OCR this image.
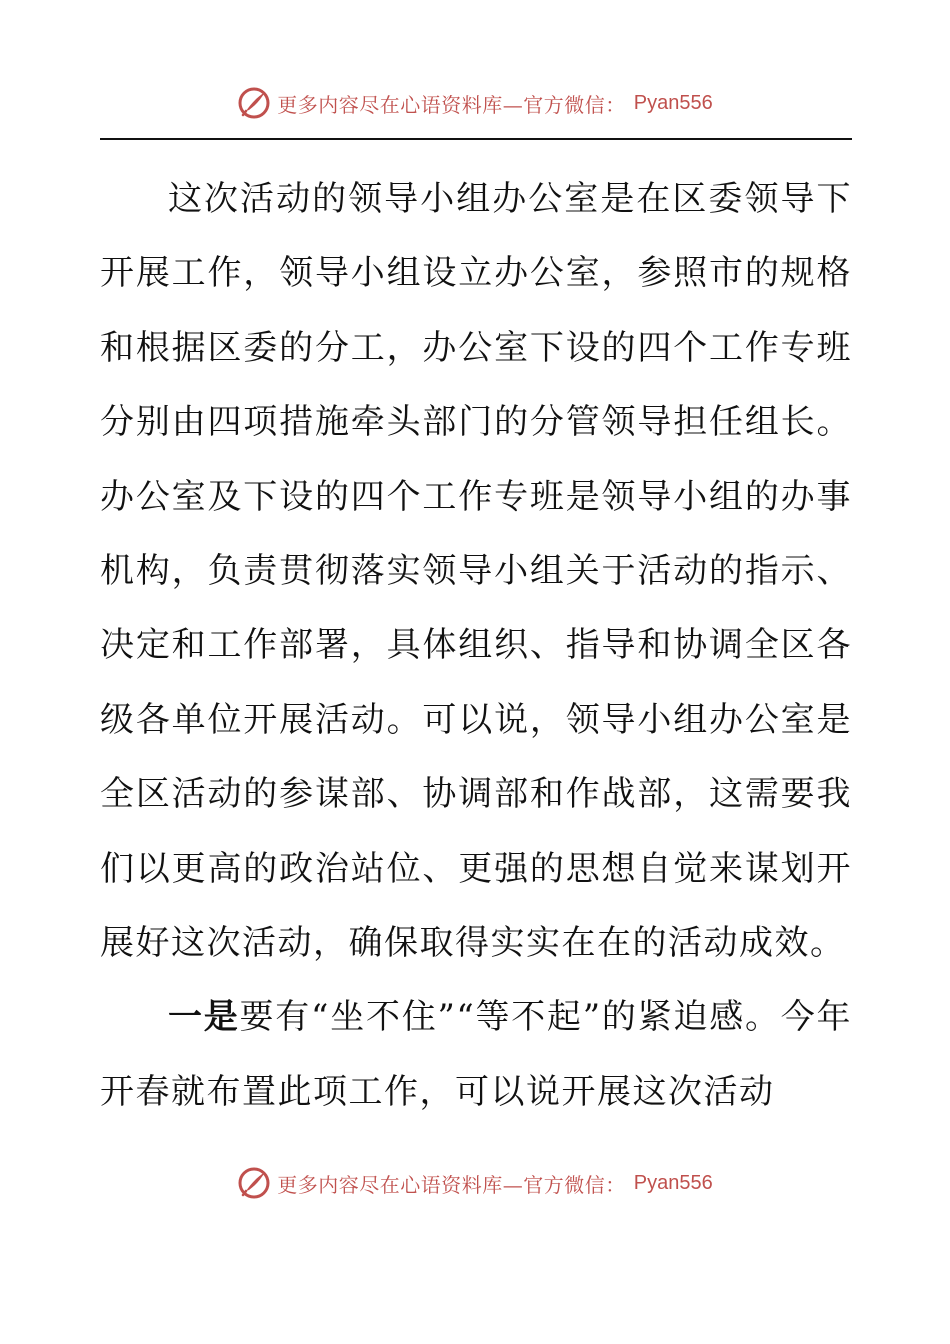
更多内容尽在心语资料库—官方微信： Pyan556

这次活动的领导小组办公室是在区委领导下开展工作，领导小组设立办公室，参照市的规格和根据区委的分工，办公室下设的四个工作专班分别由四项措施牵头部门的分管领导担任组长。办公室及下设的四个工作专班是领导小组的办事机构，负责贯彻落实领导小组关于活动的指示、决定和工作部署，具体组织、指导和协调全区各级各单位开展活动。可以说，领导小组办公室是全区活动的参谋部、协调部和作战部，这需要我们以更高的政治站位、更强的思想自觉来谋划开展好这次活动，确保取得实实在在的活动成效。

一是要有“坐不住”“等不起”的紧迫感。今年开春就布置此项工作，可以说开展这次活动

更多内容尽在心语资料库—官方微信： Pyan556
